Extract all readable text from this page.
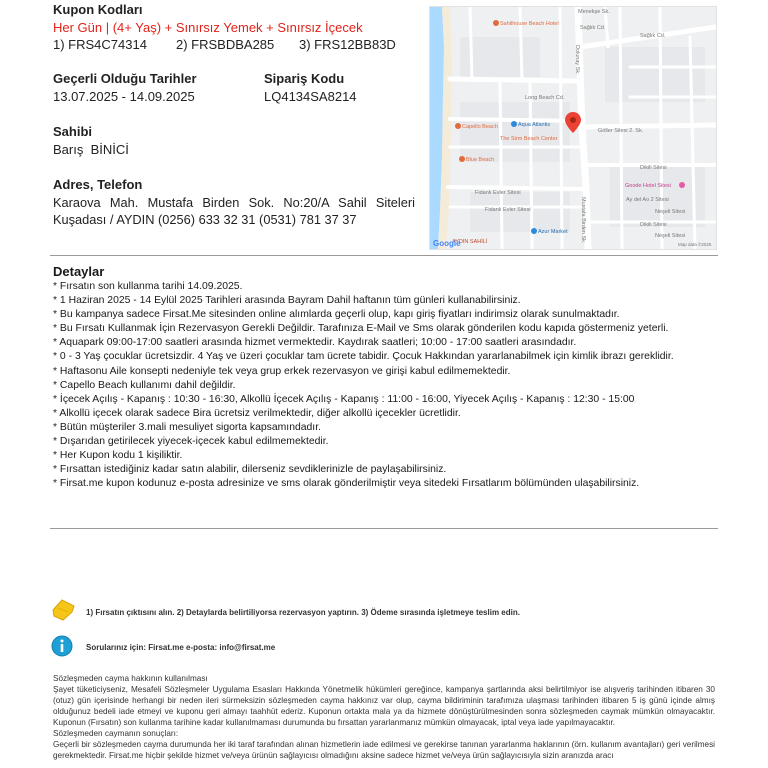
Kupon Kodları
Her Gün | (4+ Yaş) + Sınırsız Yemek + Sınırsız İçecek
1) FRS4C74314 2) FRSBDBA285 3) FRS12BB83D
Geçerli Olduğu Tarihler
13.07.2025 - 14.09.2025
Sipariş Kodu
LQ4134SA8214
Sahibi
Barış  BİNİCİ
Adres, Telefon
Karaova Mah. Mustafa Birden Sok. No:20/A Sahil Siteleri
Kuşadası / AYDIN (0256) 633 32 31 (0531) 781 37 37
Menekşe Sk.
Sağlık Cd.
Sağlık Cd.
Dolunay Sk.
Long Beach Cd.
Göller Sitesi 2. Sk.
Dikili Sitesi
Dikili Sitesi
Fidanlı Evler Sitesi
Fidanlı Evler Sitesi	Mustafa Birden Sk.	Ay del Ao 2 Sitesi
Neşeli Sitesi
Neşeli Sitesi
Sahilhouse Beach Hotel
Aqua Atlantis
Capello Beach
The Sirm Beach Center
Blue Beach
Goode Hotel Sitesi
Azur Market
AYDIN SAHİLİ
Google	Map data ©2025
Detaylar
* Fırsatın son kullanma tarihi 14.09.2025.
* 1 Haziran 2025 - 14 Eylül 2025 Tarihleri arasında Bayram Dahil haftanın tüm günleri kullanabilirsiniz.
* Bu kampanya sadece Firsat.Me sitesinden online alımlarda geçerli olup, kapı giriş fiyatları indirimsiz olarak sunulmaktadır.
* Bu Fırsatı Kullanmak İçin Rezervasyon Gerekli Değildir. Tarafınıza E-Mail ve Sms olarak gönderilen kodu kapıda göstermeniz yeterli.
* Aquapark 09:00-17:00 saatleri arasında hizmet vermektedir. Kaydırak saatleri; 10:00 - 17:00 saatleri arasındadır.
* 0 - 3 Yaş çocuklar ücretsizdir. 4 Yaş ve üzeri çocuklar tam ücrete tabidir. Çocuk Hakkından yararlanabilmek için kimlik ibrazı gereklidir.
* Haftasonu Aile konsepti nedeniyle tek veya grup erkek rezervasyon ve girişi kabul edilmemektedir.
* Capello Beach kullanımı dahil değildir.
* İçecek Açılış - Kapanış : 10:30 - 16:30, Alkollü İçecek Açılış - Kapanış : 11:00 - 16:00, Yiyecek Açılış - Kapanış : 12:30 - 15:00
* Alkollü içecek olarak sadece Bira ücretsiz verilmektedir, diğer alkollü içecekler ücretlidir.
* Bütün müşteriler 3.mali mesuliyet sigorta kapsamındadır.
* Dışarıdan getirilecek yiyecek-içecek kabul edilmemektedir.
* Her Kupon kodu 1 kişiliktir.
* Fırsattan istediğiniz kadar satın alabilir, dilerseniz sevdiklerinizle de paylaşabilirsiniz.
* Firsat.me kupon kodunuz e-posta adresinize ve sms olarak gönderilmiştir veya sitedeki Fırsatlarım bölümünden ulaşabilirsiniz.
1) Fırsatın çıktısını alın. 2) Detaylarda belirtiliyorsa rezervasyon yaptırın. 3) Ödeme sırasında işletmeye teslim edin.
Sorularınız için: Firsat.me e-posta: info@firsat.me
Sözleşmeden cayma hakkının kullanılması
Şayet tüketiciyseniz, Mesafeli Sözleşmeler Uygulama Esasları Hakkında Yönetmelik hükümleri gereğince, kampanya şartlarında aksi belirtilmiyor ise alışveriş tarihinden itibaren 30 (otuz) gün içerisinde herhangi bir neden ileri sürmeksizin sözleşmeden cayma hakkınız var olup, cayma bildiriminin tarafımıza ulaşması tarihinden itibaren 5 iş günü içinde almış olduğunuz bedeli iade etmeyi ve kuponu geri almayı taahhüt ederiz. Kuponun ortakta mala ya da hizmete dönüştürülmesinden sonra sözleşmeden caymak mümkün olmayacaktır. Kuponun (Fırsatın) son kullanma tarihine kadar kullanılmaması durumunda bu fırsattan yararlanmanız mümkün olmayacak, iptal veya iade yapılmayacaktır.
Sözleşmeden caymanın sonuçları:
Geçerli bir sözleşmeden cayma durumunda her iki taraf tarafından alınan hizmetlerin iade edilmesi ve gerekirse tanınan yararlanma haklarının (örn. kullanım avantajları) geri verilmesi gerekmektedir. Firsat.me hiçbir şekilde hizmet ve/veya ürünün sağlayıcısı olmadığını aksine sadece hizmet ve/veya ürün sağlayıcısıyla sizin aranızda aracı
